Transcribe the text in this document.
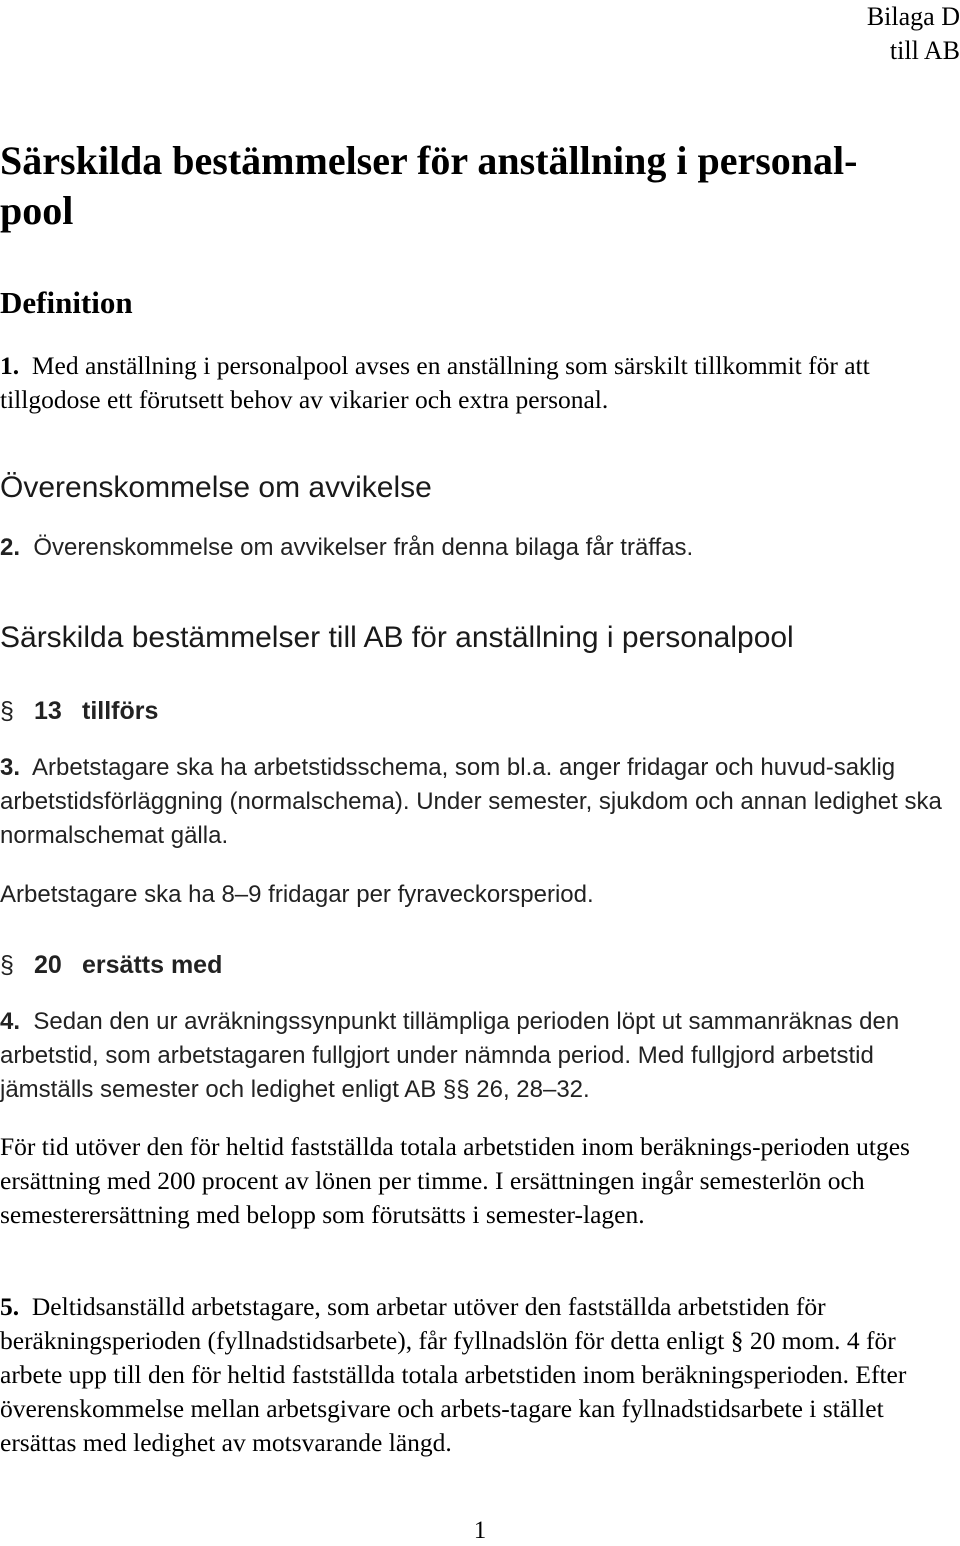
Bilaga D
till AB
Särskilda bestämmelser för anställning i personal-pool
Definition

1. Med anställning i personalpool avses en anställning som särskilt tillkommit för att tillgodose ett förutsett behov av vikarier och extra personal.

Överenskommelse om avvikelse

2. Överenskommelse om avvikelser från denna bilaga får träffas.

Särskilda bestämmelser till AB för anställning i personalpool
§ 13 tillförs

3. Arbetstagare ska ha arbetstidsschema, som bl.a. anger fridagar och huvud-saklig arbetstidsförläggning (normalschema). Under semester, sjukdom och annan ledighet ska normalschemat gälla.

Arbetstagare ska ha 8–9 fridagar per fyraveckorsperiod.

§ 20 ersätts med

4. Sedan den ur avräkningssynpunkt tillämpliga perioden löpt ut sammanräknas den arbetstid, som arbetstagaren fullgjort under nämnda period. Med fullgjord arbetstid jämställs semester och ledighet enligt AB §§ 26, 28–32.

För tid utöver den för heltid fastställda totala arbetstiden inom beräknings-perioden utges ersättning med 200 procent av lönen per timme. I ersättningen ingår semesterlön och semesterersättning med belopp som förutsätts i semester-lagen.

5. Deltidsanställd arbetstagare, som arbetar utöver den fastställda arbetstiden för beräkningsperioden (fyllnadstidsarbete), får fyllnadslön för detta enligt § 20 mom. 4 för arbete upp till den för heltid fastställda totala arbetstiden inom beräkningsperioden. Efter överenskommelse mellan arbetsgivare och arbets-tagare kan fyllnadstidsarbete i stället ersättas med ledighet av motsvarande längd.

1
